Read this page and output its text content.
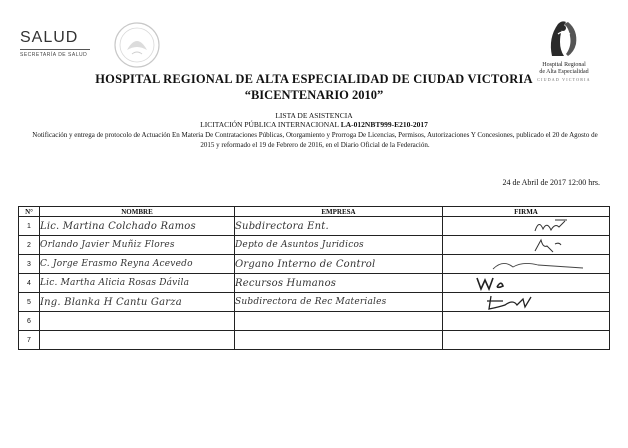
SALUD
SECRETARÍA DE SALUD
Hospital Regional
de Alta Especialidad
CIUDAD VICTORIA
HOSPITAL REGIONAL DE ALTA ESPECIALIDAD DE CIUDAD VICTORIA
“BICENTENARIO 2010”
LISTA DE ASISTENCIA
LICITACIÓN PÚBLICA INTERNACIONAL LA-012NBT999-E210-2017
Notificación y entrega de protocolo de Actuación En Materia De Contrataciones Públicas, Otorgamiento y Prorroga De Licencias, Permisos, Autorizaciones Y Concesiones, publicado el 20 de Agosto de 2015 y reformado el 19 de Febrero de 2016, en el Diario Oficial de la Federación.
24 de Abril de 2017 12:00 hrs.
N°	NOMBRE	EMPRESA	FIRMA
1	Lic. Martina Colchado Ramos	Subdirectora Ent.	

2	Orlando Javier Muñiz Flores	Depto de Asuntos Juridicos	

3	C. Jorge Erasmo Reyna Acevedo	Organo Interno de Control	

4	Lic. Martha Alicia Rosas Dávila	Recursos Humanos	

5	Ing. Blanka H Cantu Garza	Subdirectora de Rec Materiales	

6			
7			
